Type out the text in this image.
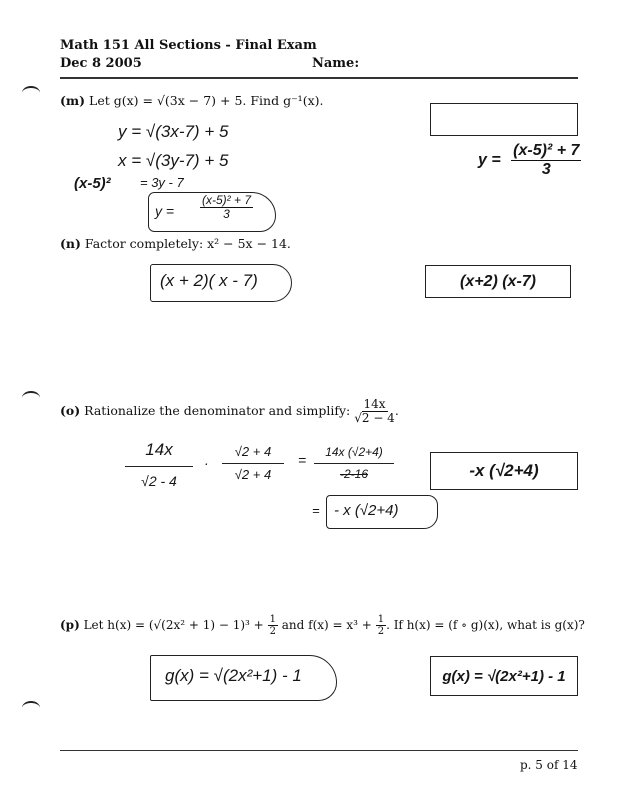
Math 151 All Sections - Final Exam
Dec 8 2005	Name:
(m) Let g(x) = √(3x − 7) + 5. Find g⁻¹(x).
y = √(3x-7) + 5
x = √(3y-7) + 5
(x-5)² = 3y - 7
$y = \frac{\text{(x-5)² + 7}}{3}$
$y = \frac{\text{(x-5)² + 7}}{3}$
(n) Factor completely: x² − 5x − 14.
(x + 2)( x - 7)	(x+2) (x-7)
(o) Rationalize the denominator and simplify: $\frac{14x}{√2 - 4}$ .
14x
√2 - 4
· $\frac{√2 + 4}{√2 + 4} = \frac{14x (√2+4)}{-2-16}$
= - x (√2+4)
-x (√2+4)
(p) Let $h(x) = (√(2x^2 + 1) - 1)^3 + \frac{1}{2}$ and $f(x) = x^3 + \frac{1}{2}$ . If h(x) = (f ∘ g)(x), what is g(x)?
g(x) = √(2x²+1) - 1	g(x) = √(2x²+1) - 1
p. 5 of 14
